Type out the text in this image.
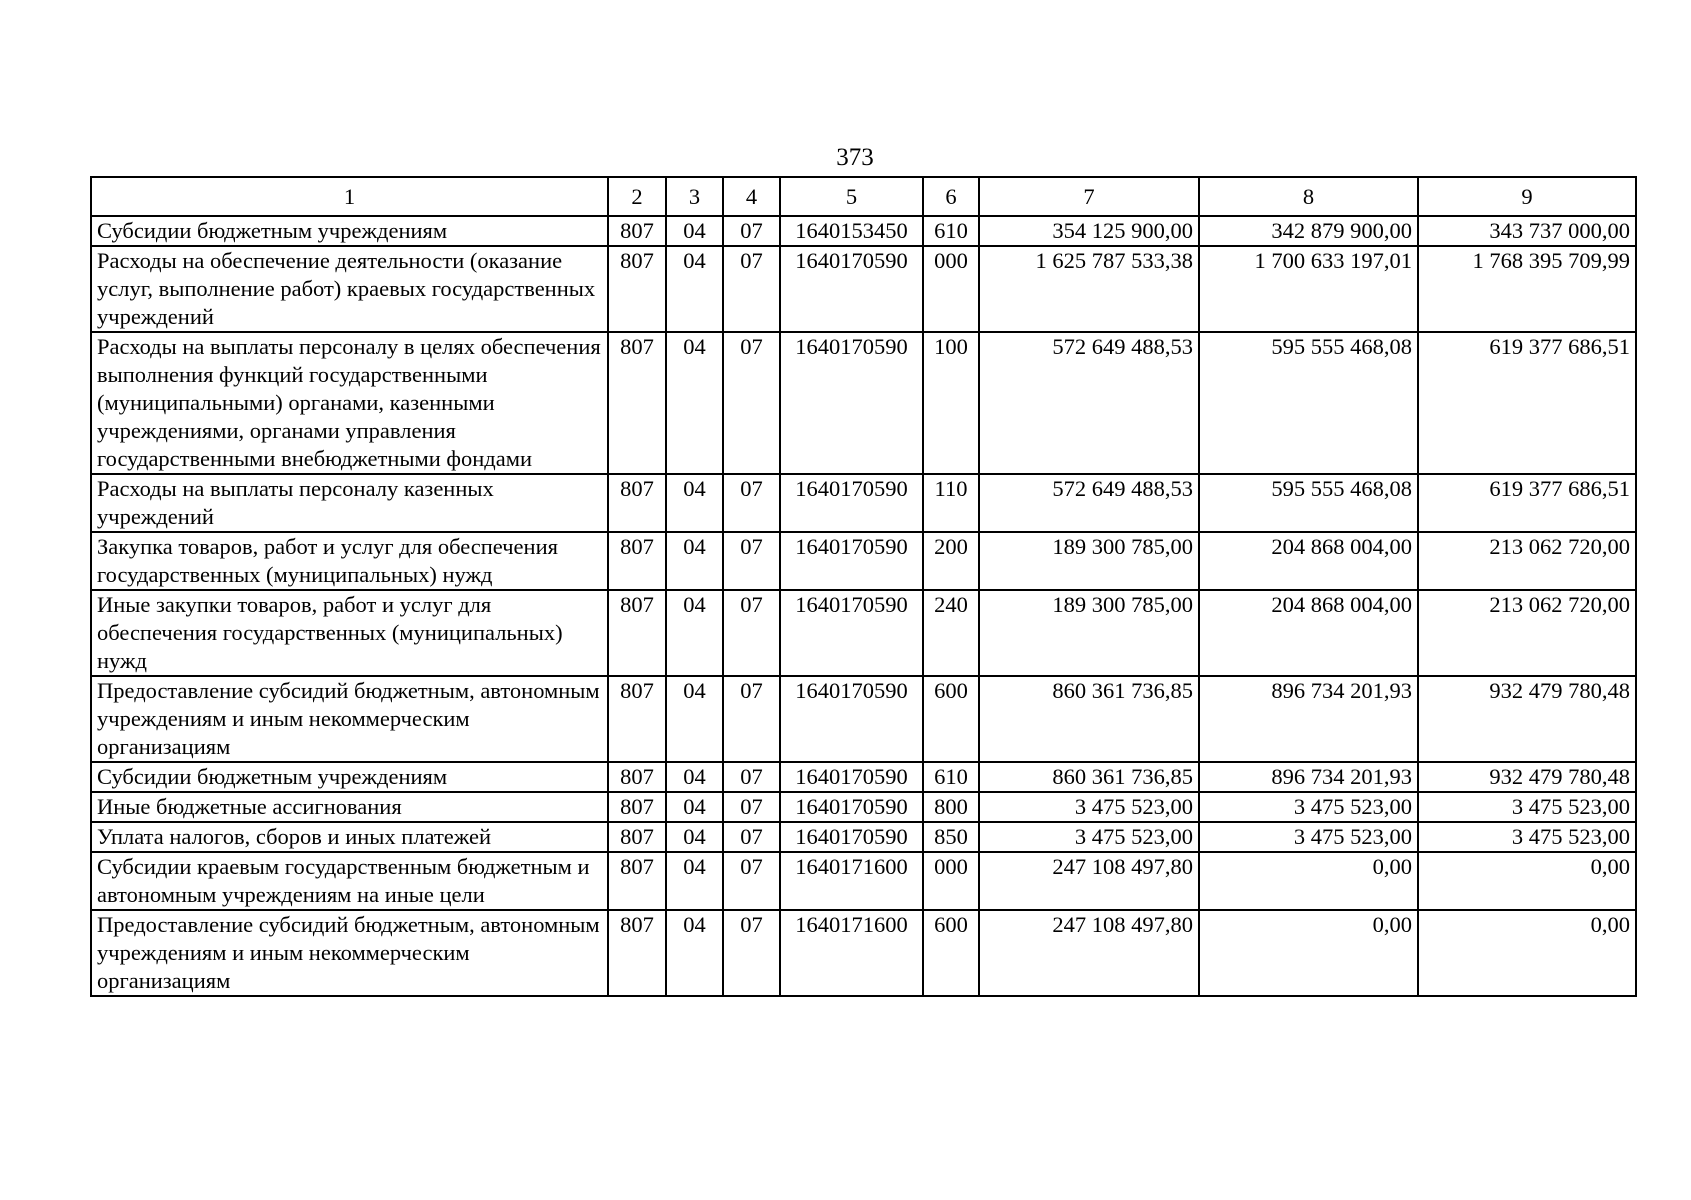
373
1	2	3	4	5	6	7	8	9
Субсидии бюджетным учреждениям	807	04	07	1640153450	610	354 125 900,00	342 879 900,00	343 737 000,00
Расходы на обеспечение деятельности (оказание услуг, выполнение работ) краевых государственных учреждений	807	04	07	1640170590	000	1 625 787 533,38	1 700 633 197,01	1 768 395 709,99
Расходы на выплаты персоналу в целях обеспечения выполнения функций государственными (муниципальными) органами, казенными учреждениями, органами управления государственными внебюджетными фондами	807	04	07	1640170590	100	572 649 488,53	595 555 468,08	619 377 686,51
Расходы на выплаты персоналу казенных учреждений	807	04	07	1640170590	110	572 649 488,53	595 555 468,08	619 377 686,51
Закупка товаров, работ и услуг для обеспечения государственных (муниципальных) нужд	807	04	07	1640170590	200	189 300 785,00	204 868 004,00	213 062 720,00
Иные закупки товаров, работ и услуг для обеспечения государственных (муниципальных) нужд	807	04	07	1640170590	240	189 300 785,00	204 868 004,00	213 062 720,00
Предоставление субсидий бюджетным, автономным учреждениям и иным некоммерческим организациям	807	04	07	1640170590	600	860 361 736,85	896 734 201,93	932 479 780,48
Субсидии бюджетным учреждениям	807	04	07	1640170590	610	860 361 736,85	896 734 201,93	932 479 780,48
Иные бюджетные ассигнования	807	04	07	1640170590	800	3 475 523,00	3 475 523,00	3 475 523,00
Уплата налогов, сборов и иных платежей	807	04	07	1640170590	850	3 475 523,00	3 475 523,00	3 475 523,00
Субсидии краевым государственным бюджетным и автономным учреждениям на иные цели	807	04	07	1640171600	000	247 108 497,80	0,00	0,00
Предоставление субсидий бюджетным, автономным учреждениям и иным некоммерческим организациям	807	04	07	1640171600	600	247 108 497,80	0,00	0,00
